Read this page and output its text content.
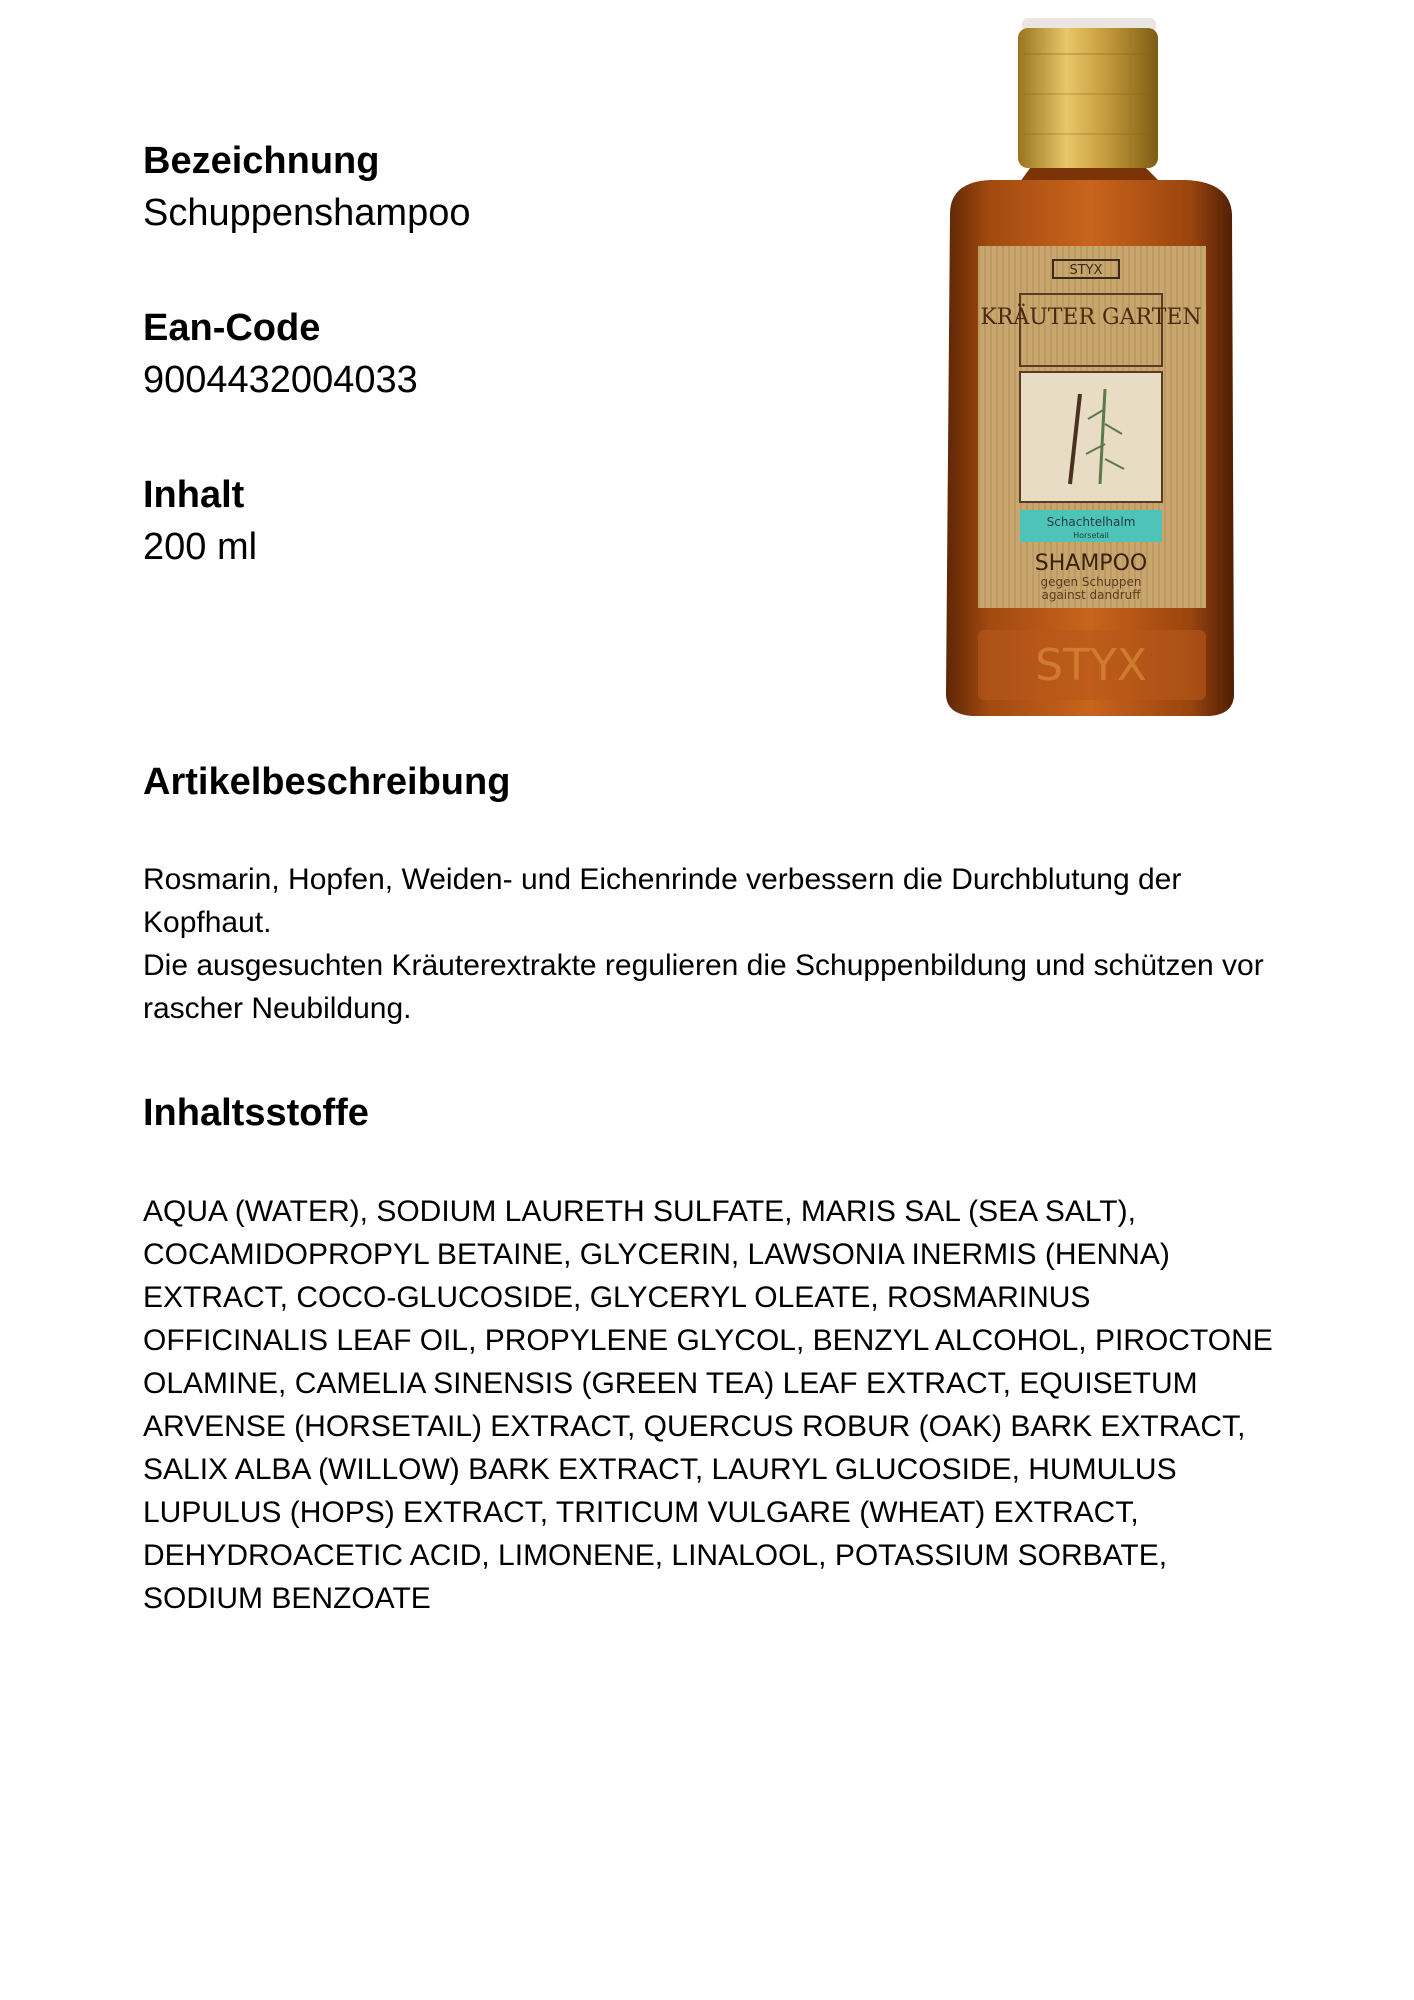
Bezeichnung

Schuppenshampoo

Ean-Code

9004432004033

Inhalt

200 ml

STYX
KRÄUTER GARTEN
Schachtelhalm
Horsetail
SHAMPOO
gegen Schuppen
against dandruff
STYX
Artikelbeschreibung

Rosmarin, Hopfen, Weiden- und Eichenrinde verbessern die Durchblutung der Kopfhaut.

Die ausgesuchten Kräuterextrakte regulieren die Schuppenbildung und schützen vor rascher Neubildung.

Inhaltsstoffe

AQUA (WATER), SODIUM LAURETH SULFATE, MARIS SAL (SEA SALT), COCAMIDOPROPYL BETAINE, GLYCERIN, LAWSONIA INERMIS (HENNA) EXTRACT, COCO-GLUCOSIDE, GLYCERYL OLEATE, ROSMARINUS OFFICINALIS LEAF OIL, PROPYLENE GLYCOL, BENZYL ALCOHOL, PIROCTONE OLAMINE, CAMELIA SINENSIS (GREEN TEA) LEAF EXTRACT, EQUISETUM ARVENSE (HORSETAIL) EXTRACT, QUERCUS ROBUR (OAK) BARK EXTRACT, SALIX ALBA (WILLOW) BARK EXTRACT, LAURYL GLUCOSIDE, HUMULUS LUPULUS (HOPS) EXTRACT, TRITICUM VULGARE (WHEAT) EXTRACT, DEHYDROACETIC ACID, LIMONENE, LINALOOL, POTASSIUM SORBATE, SODIUM BENZOATE
